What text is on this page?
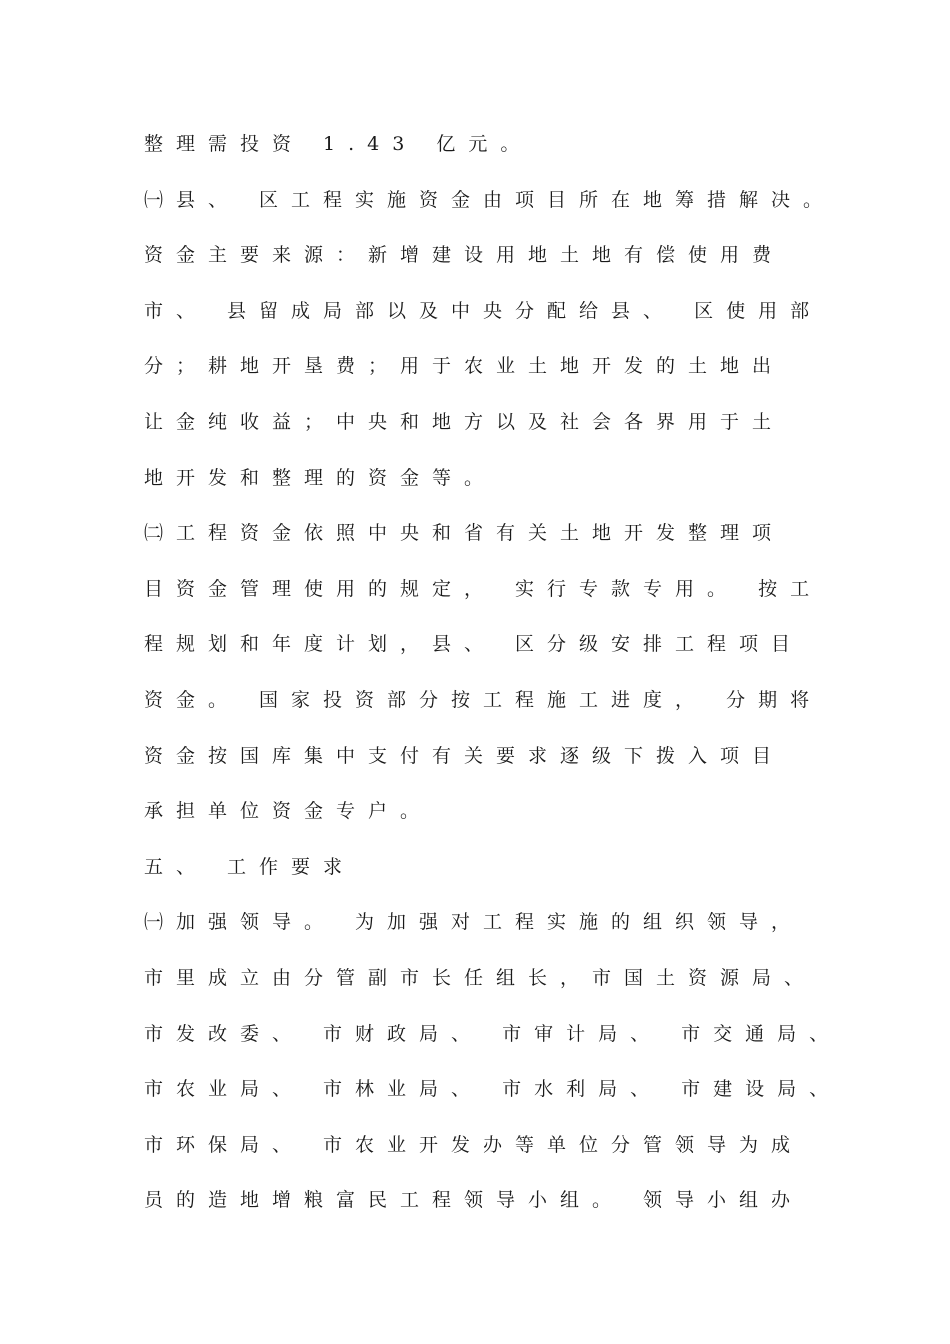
整理需投资 1.43 亿元。
㈠县、 区工程实施资金由项目所在地筹措解决。
资金主要来源：新增建设用地土地有偿使用费
市、 县留成局部以及中央分配给县、 区使用部
分；耕地开垦费；用于农业土地开发的土地出
让金纯收益；中央和地方以及社会各界用于土
地开发和整理的资金等。
㈡工程资金依照中央和省有关土地开发整理项
目资金管理使用的规定， 实行专款专用。 按工
程规划和年度计划，县、 区分级安排工程项目
资金。 国家投资部分按工程施工进度， 分期将
资金按国库集中支付有关要求逐级下拨入项目
承担单位资金专户。
五、 工作要求
㈠加强领导。 为加强对工程实施的组织领导，
市里成立由分管副市长任组长，市国土资源局、
市发改委、 市财政局、 市审计局、 市交通局、
市农业局、 市林业局、 市水利局、 市建设局、
市环保局、 市农业开发办等单位分管领导为成
员的造地增粮富民工程领导小组。 领导小组办
